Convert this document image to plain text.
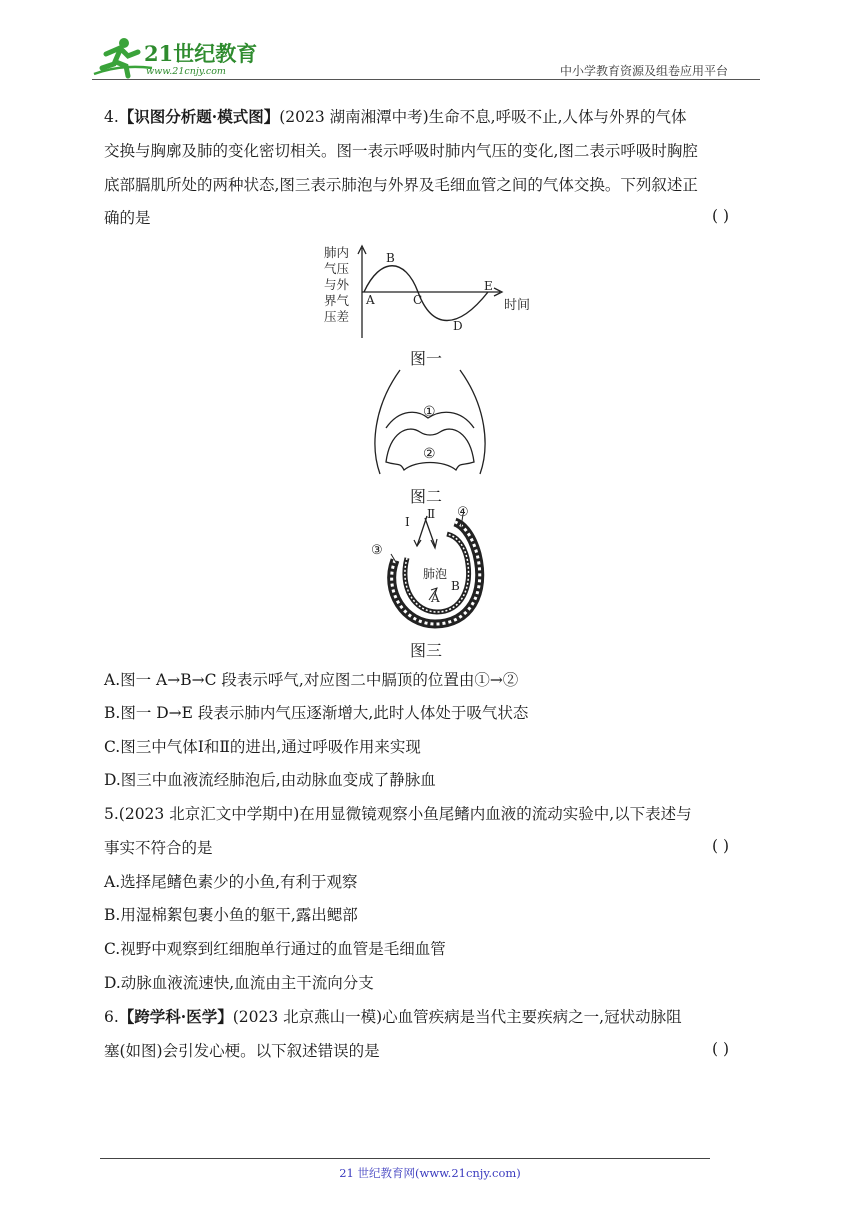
21世纪教育
www.21cnjy.com	中小学教育资源及组卷应用平台
4.【识图分析题·模式图】(2023 湖南湘潭中考)生命不息,呼吸不止,人体与外界的气体
交换与胸廓及肺的变化密切相关。图一表示呼吸时肺内气压的变化,图二表示呼吸时胸腔
底部膈肌所处的两种状态,图三表示肺泡与外界及毛细血管之间的气体交换。下列叙述正
确的是	( )
肺内
气压
与外
界气
压差
A
B
C
D
E
时间
图一
①
②
图二
Ⅰ
Ⅱ
③
④
肺泡
A
B
图三
A.图一 A→B→C 段表示呼气,对应图二中膈顶的位置由①→②
B.图一 D→E 段表示肺内气压逐渐增大,此时人体处于吸气状态
C.图三中气体Ⅰ和Ⅱ的进出,通过呼吸作用来实现
D.图三中血液流经肺泡后,由动脉血变成了静脉血
5.(2023 北京汇文中学期中)在用显微镜观察小鱼尾鳍内血液的流动实验中,以下表述与
事实不符合的是	( )
A.选择尾鳍色素少的小鱼,有利于观察
B.用湿棉絮包裹小鱼的躯干,露出鳃部
C.视野中观察到红细胞单行通过的血管是毛细血管
D.动脉血液流速快,血流由主干流向分支
6.【跨学科·医学】(2023 北京燕山一模)心血管疾病是当代主要疾病之一,冠状动脉阻
塞(如图)会引发心梗。以下叙述错误的是	( )
21 世纪教育网(www.21cnjy.com)
